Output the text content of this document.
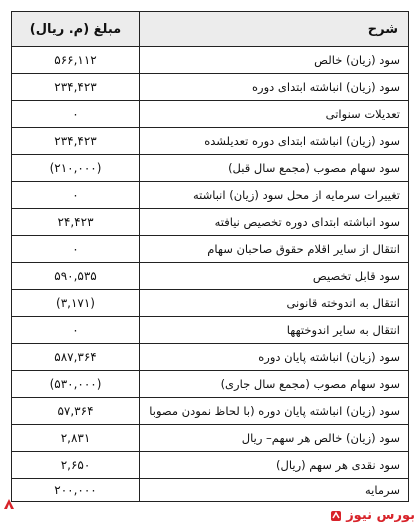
شرح	مبلغ (م. ریال)
سود (زیان) خالص	۵۶۶,۱۱۲
سود (زیان) انباشته ابتدای دوره	۲۳۴,۴۲۳
تعدیلات سنواتی	۰
سود (زیان) انباشته ابتدای دوره تعدیلشده	۲۳۴,۴۲۳
سود سهام مصوب (مجمع سال قبل)	(۲۱۰,۰۰۰)
تغییرات سرمایه از محل سود (زیان) انباشته	۰
سود انباشته ابتدای دوره تخصیص نیافته	۲۴,۴۲۳
انتقال از سایر اقلام حقوق صاحبان سهام	۰
سود قابل تخصیص	۵۹۰,۵۳۵
انتقال به اندوخته قانونی	(۳,۱۷۱)
انتقال به سایر اندوختهها	۰
سود (زیان) انباشته پایان دوره	۵۸۷,۳۶۴
سود سهام مصوب (مجمع سال جاری)	(۵۳۰,۰۰۰)
سود (زیان) انباشته پایان دوره (با لحاظ نمودن مصوبا	۵۷,۳۶۴
سود (زیان) خالص هر سهم– ریال	۲,۸۳۱
سود نقدی هر سهم (ریال)	۲,۶۵۰
سرمایه	۲۰۰,۰۰۰
بورس نیوز
